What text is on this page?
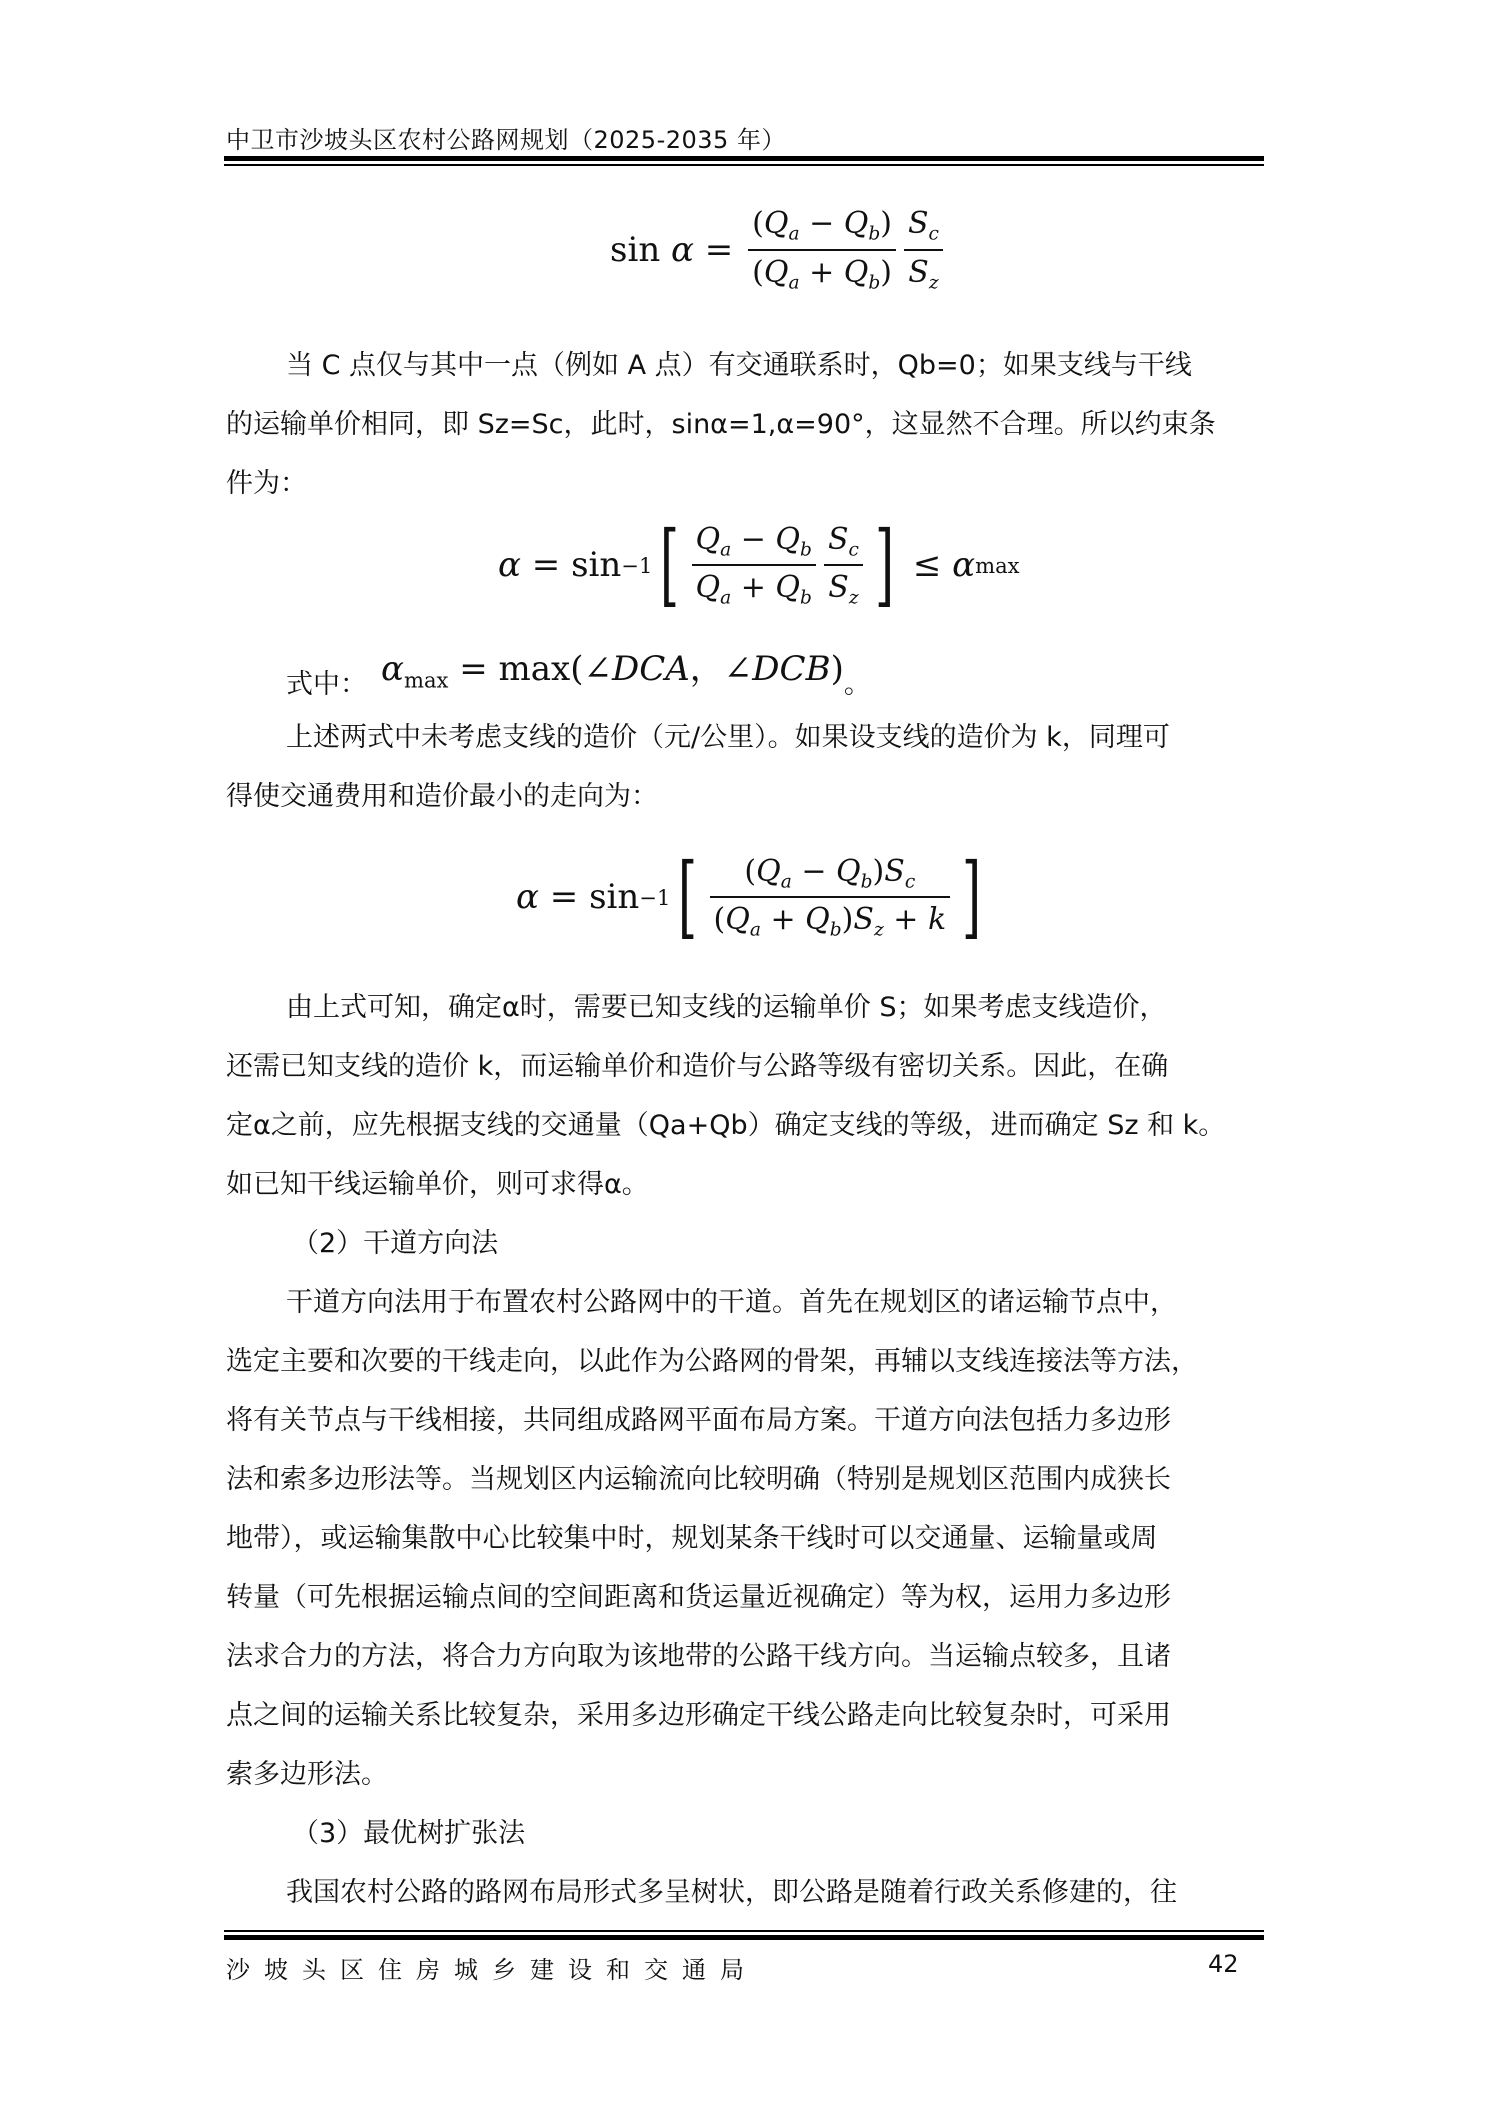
中卫市沙坡头区农村公路网规划（2025-2035 年）
$\sin \alpha = \frac{(Q_a - Q_b)}{(Q_a + Q_b)} \frac{S_c}{S_z}$
当 C 点仅与其中一点（例如 A 点）有交通联系时，Qb=0；如果支线与干线
的运输单价相同，即 Sz=Sc，此时，sinα=1,α=90°，这显然不合理。所以约束条
件为：
α = sin −1 [ $\frac{Q_a - Q_b}{Q_a + Q_b} \frac{S_c}{S_z}$ ] ≤ α max
式中： $\alpha_{max}$ = max(∠DCA，∠DCB) 。
上述两式中未考虑支线的造价（元/公里）。如果设支线的造价为 k，同理可
得使交通费用和造价最小的走向为：
α = sin −1 [ $\frac{(Q_a - Q_b)S_c}{(Q_a + Q_b)S_z + k}$ ]
由上式可知，确定α时，需要已知支线的运输单价 S；如果考虑支线造价，
还需已知支线的造价 k，而运输单价和造价与公路等级有密切关系。因此，在确
定α之前，应先根据支线的交通量（Qa+Qb）确定支线的等级，进而确定 Sz 和 k。
如已知干线运输单价，则可求得α。
（2）干道方向法
干道方向法用于布置农村公路网中的干道。首先在规划区的诸运输节点中，
选定主要和次要的干线走向，以此作为公路网的骨架，再辅以支线连接法等方法，
将有关节点与干线相接，共同组成路网平面布局方案。干道方向法包括力多边形
法和索多边形法等。当规划区内运输流向比较明确（特别是规划区范围内成狭长
地带），或运输集散中心比较集中时，规划某条干线时可以交通量、运输量或周
转量（可先根据运输点间的空间距离和货运量近视确定）等为权，运用力多边形
法求合力的方法，将合力方向取为该地带的公路干线方向。当运输点较多，且诸
点之间的运输关系比较复杂，采用多边形确定干线公路走向比较复杂时，可采用
索多边形法。
（3）最优树扩张法
我国农村公路的路网布局形式多呈树状，即公路是随着行政关系修建的，往
沙坡头区住房城乡建设和交通局	42
